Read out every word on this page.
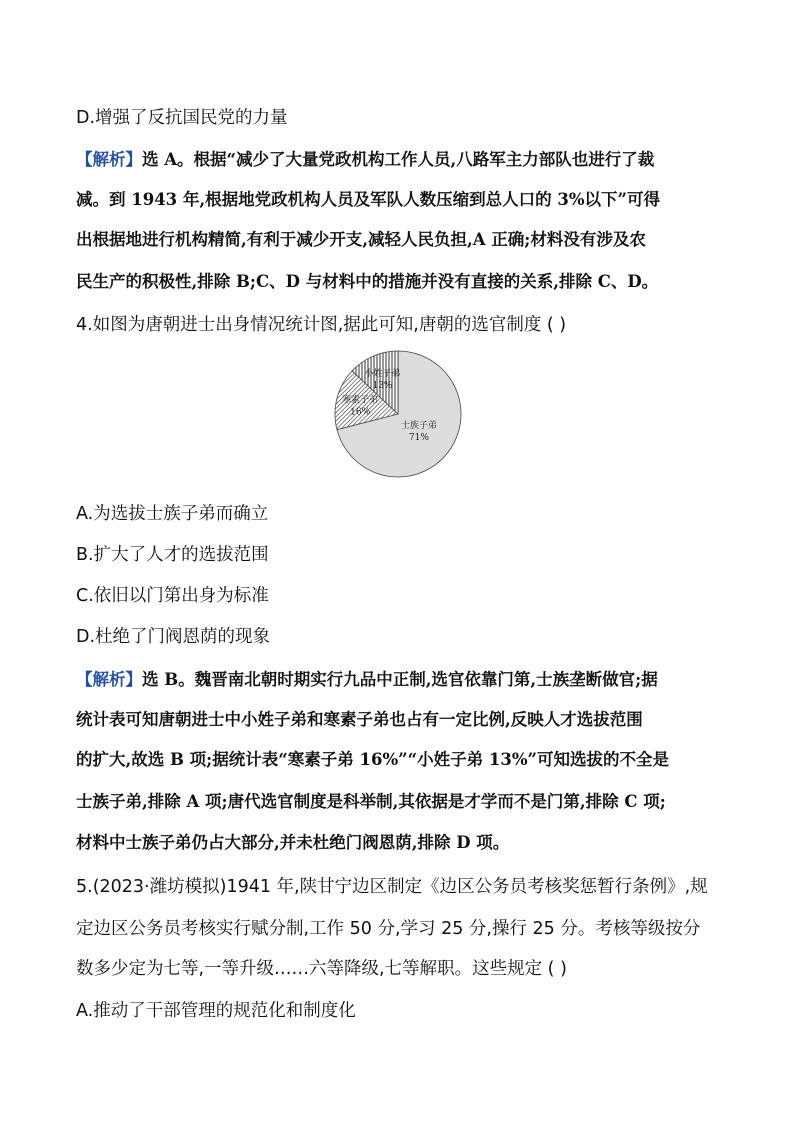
D.增强了反抗国民党的力量
【解析】选 A。根据“减少了大量党政机构工作人员,八路军主力部队也进行了裁
减。到 1943 年,根据地党政机构人员及军队人数压缩到总人口的 3%以下”可得
出根据地进行机构精简,有利于减少开支,减轻人民负担,A 正确;材料没有涉及农
民生产的积极性,排除 B;C、D 与材料中的措施并没有直接的关系,排除 C、D。
4.如图为唐朝进士出身情况统计图,据此可知,唐朝的选官制度 ( )
士族子弟
71%
寒素子弟
16%
小姓子弟
13%
A.为选拔士族子弟而确立
B.扩大了人才的选拔范围
C.依旧以门第出身为标准
D.杜绝了门阀恩荫的现象
【解析】选 B。魏晋南北朝时期实行九品中正制,选官依靠门第,士族垄断做官;据
统计表可知唐朝进士中小姓子弟和寒素子弟也占有一定比例,反映人才选拔范围
的扩大,故选 B 项;据统计表“寒素子弟 16%”“小姓子弟 13%”可知选拔的不全是
士族子弟,排除 A 项;唐代选官制度是科举制,其依据是才学而不是门第,排除 C 项;
材料中士族子弟仍占大部分,并未杜绝门阀恩荫,排除 D 项。
5.(2023·潍坊模拟)1941 年,陕甘宁边区制定《边区公务员考核奖惩暂行条例》,规
定边区公务员考核实行赋分制,工作 50 分,学习 25 分,操行 25 分。考核等级按分
数多少定为七等,一等升级……六等降级,七等解职。这些规定 ( )
A.推动了干部管理的规范化和制度化
